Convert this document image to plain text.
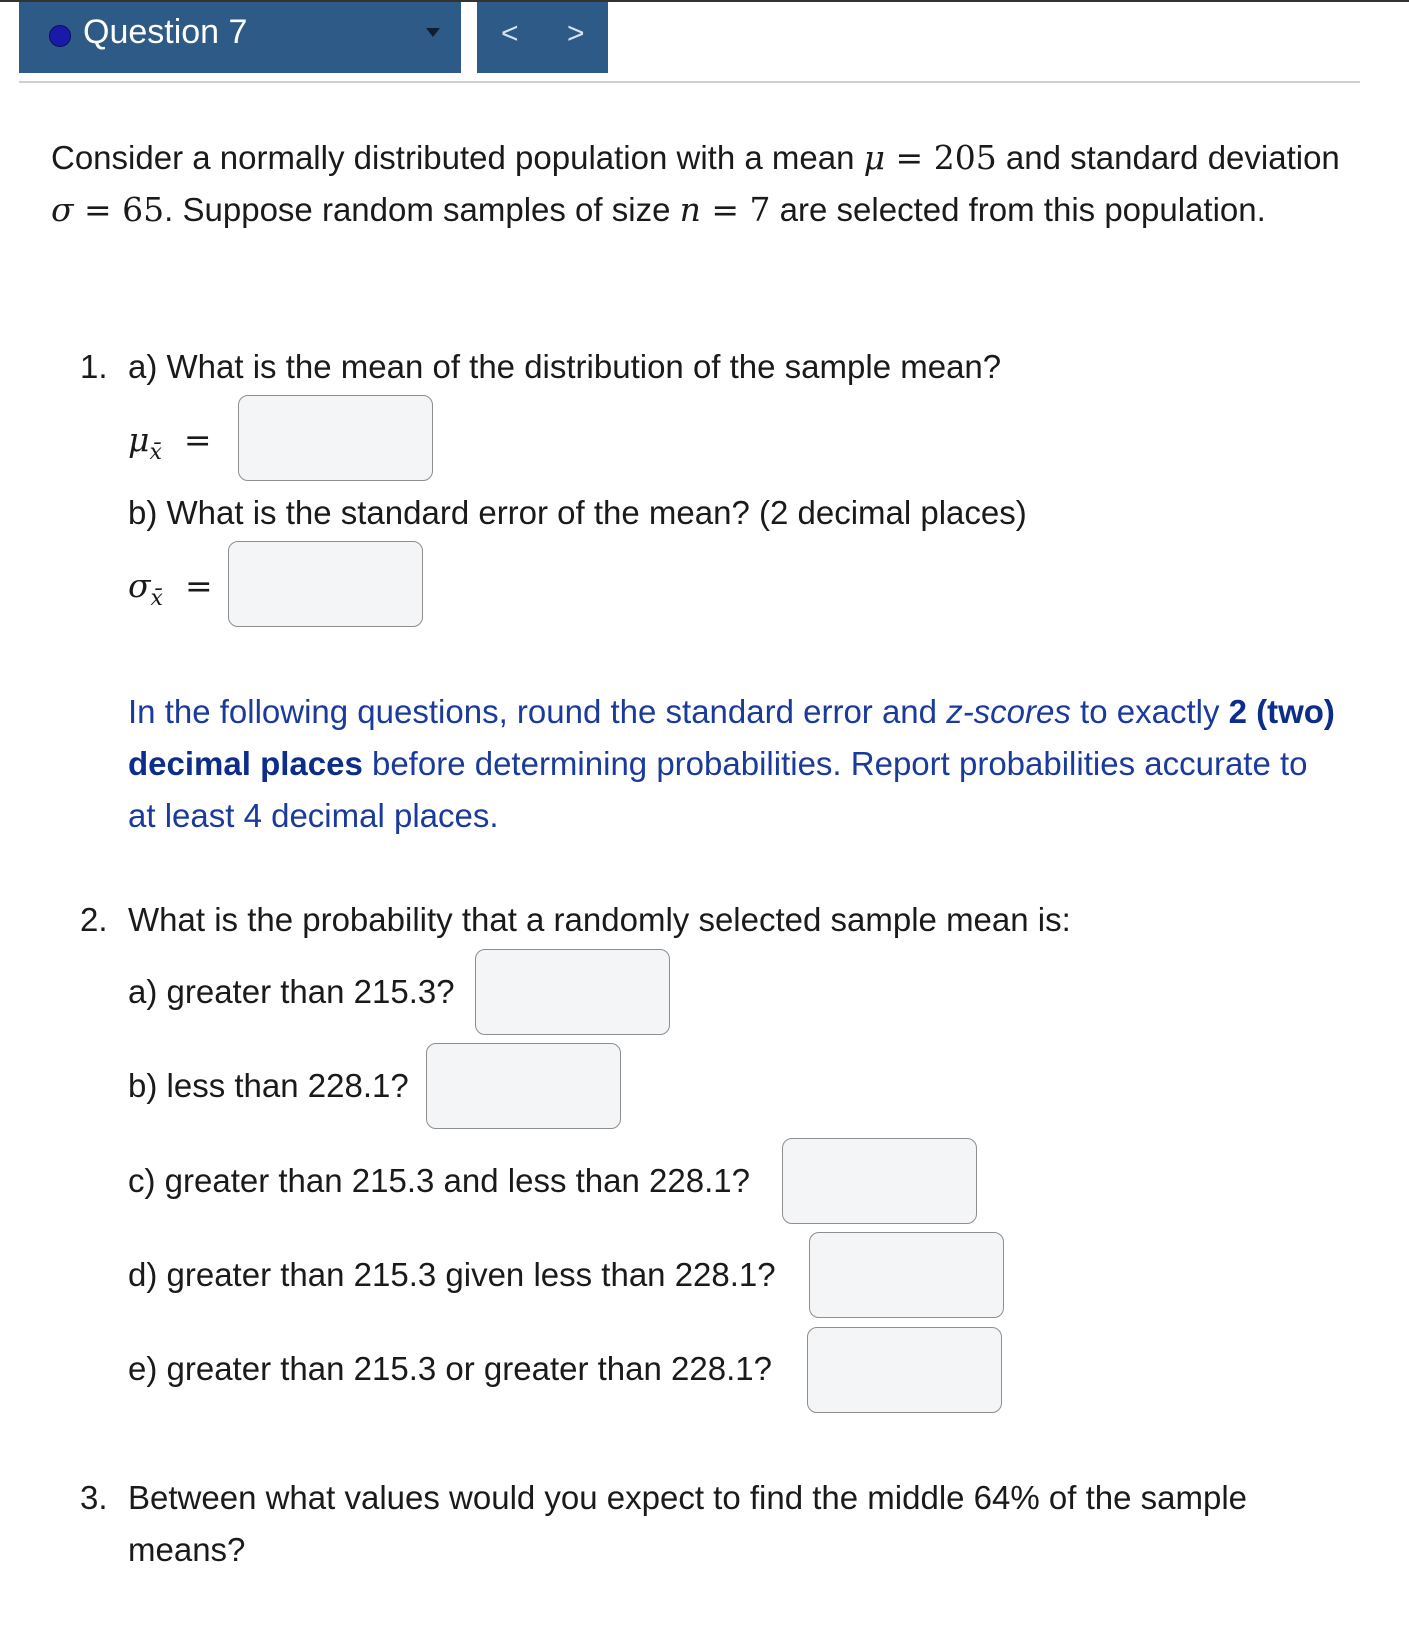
Question 7	< >
Consider a normally distributed population with a mean μ = 205 and standard deviation σ = 65. Suppose random samples of size n = 7 are selected from this population.
1. a) What is the mean of the distribution of the sample mean?
$\mu_{x̄}$ =
b) What is the standard error of the mean? (2 decimal places)
$\sigma_{x̄}$ =
In the following questions, round the standard error and z-scores to exactly 2 (two) decimal places before determining probabilities. Report probabilities accurate to at least 4 decimal places.
2. What is the probability that a randomly selected sample mean is:
a) greater than 215.3?
b) less than 228.1?
c) greater than 215.3 and less than 228.1?
d) greater than 215.3 given less than 228.1?
e) greater than 215.3 or greater than 228.1?
3. Between what values would you expect to find the middle 64% of the sample
means?
